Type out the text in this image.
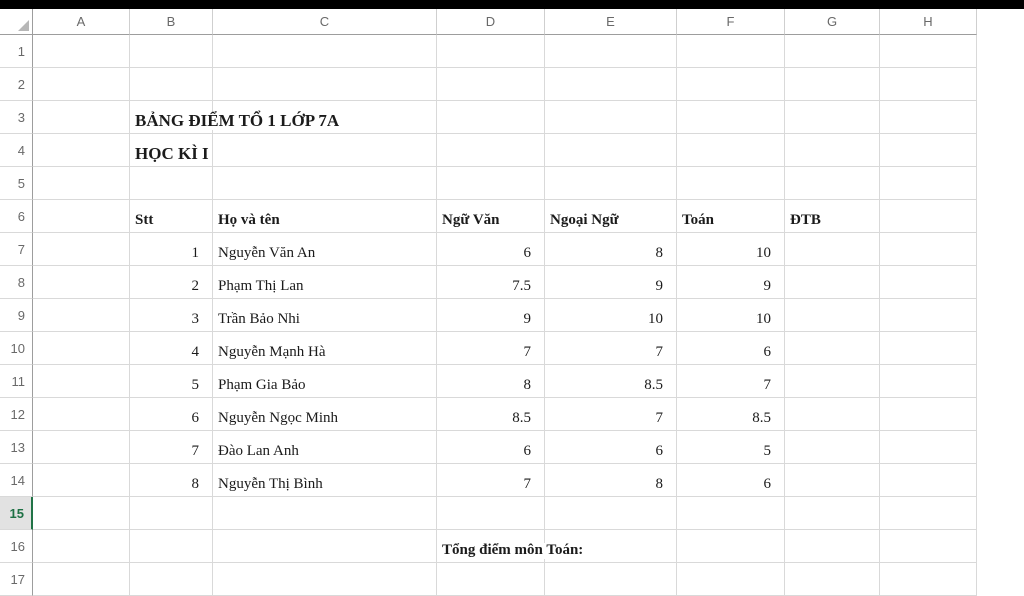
A	B	C	D	E	F	G	H
1
2
3	BẢNG ĐIỂM TỔ 1 LỚP 7A
4	HỌC KÌ I
5
6	Stt	Họ và tên	Ngữ Văn	Ngoại Ngữ	Toán	ĐTB
7	1 Nguyễn Văn An	6	8	10
8	2 Phạm Thị Lan	7.5	9	9
9	3 Trần Bảo Nhi	9	10	10
10	4 Nguyễn Mạnh Hà	7	7	6
11	5 Phạm Gia Bảo	8	8.5	7
12	6 Nguyễn Ngọc Minh	8.5	7	8.5
13	7 Đào Lan Anh	6	6	5
14	8 Nguyễn Thị Bình	7	8	6
15
16	Tổng điểm môn Toán:
17
